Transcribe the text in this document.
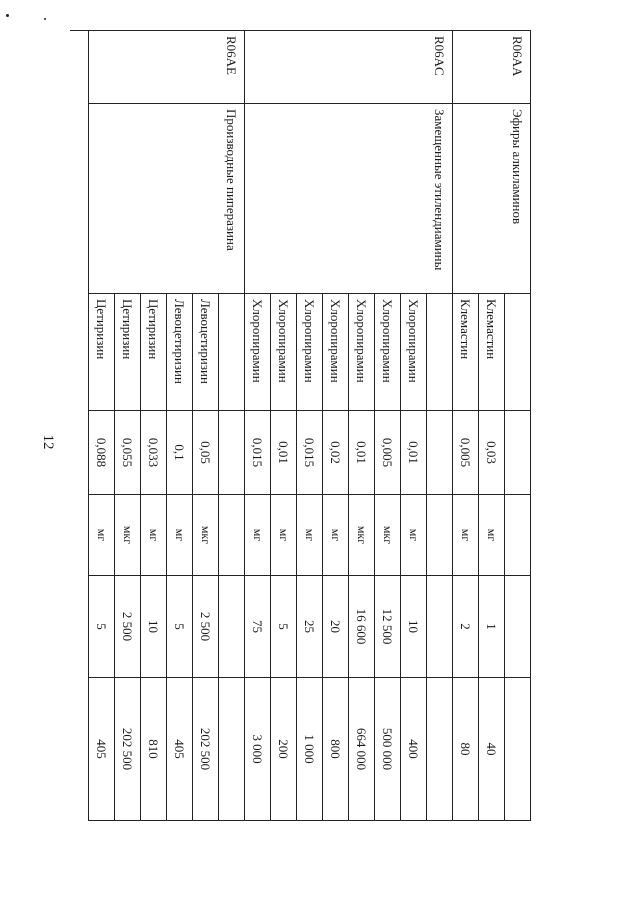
12
R06AA
Эфиры алкиламинов
Клемастин
0,03
мг
1
40
Клемастин
0,005
мг
2
80
R06AC
Замещенные этилендиамины
Хлоропирамин
0,01
мг
10
400
Хлоропирамин
0,005
мкг
12 500
500 000
Хлоропирамин
0,01
мкг
16 600
664 000
Хлоропирамин
0,02
мг
20
800
Хлоропирамин
0,015
мг
25
1 000
Хлоропирамин
0,01
мг
5
200
Хлоропирамин
0,015
мг
75
3 000
R06AE
Производные пиперазина
Левоцетиризин
0,05
мкг
2 500
202 500
Левоцетиризин
0,1
мг
5
405
Цетиризин
0,033
мг
10
810
Цетиризин
0,055
мкг
2 500
202 500
Цетиризин
0,088
мг
5
405
